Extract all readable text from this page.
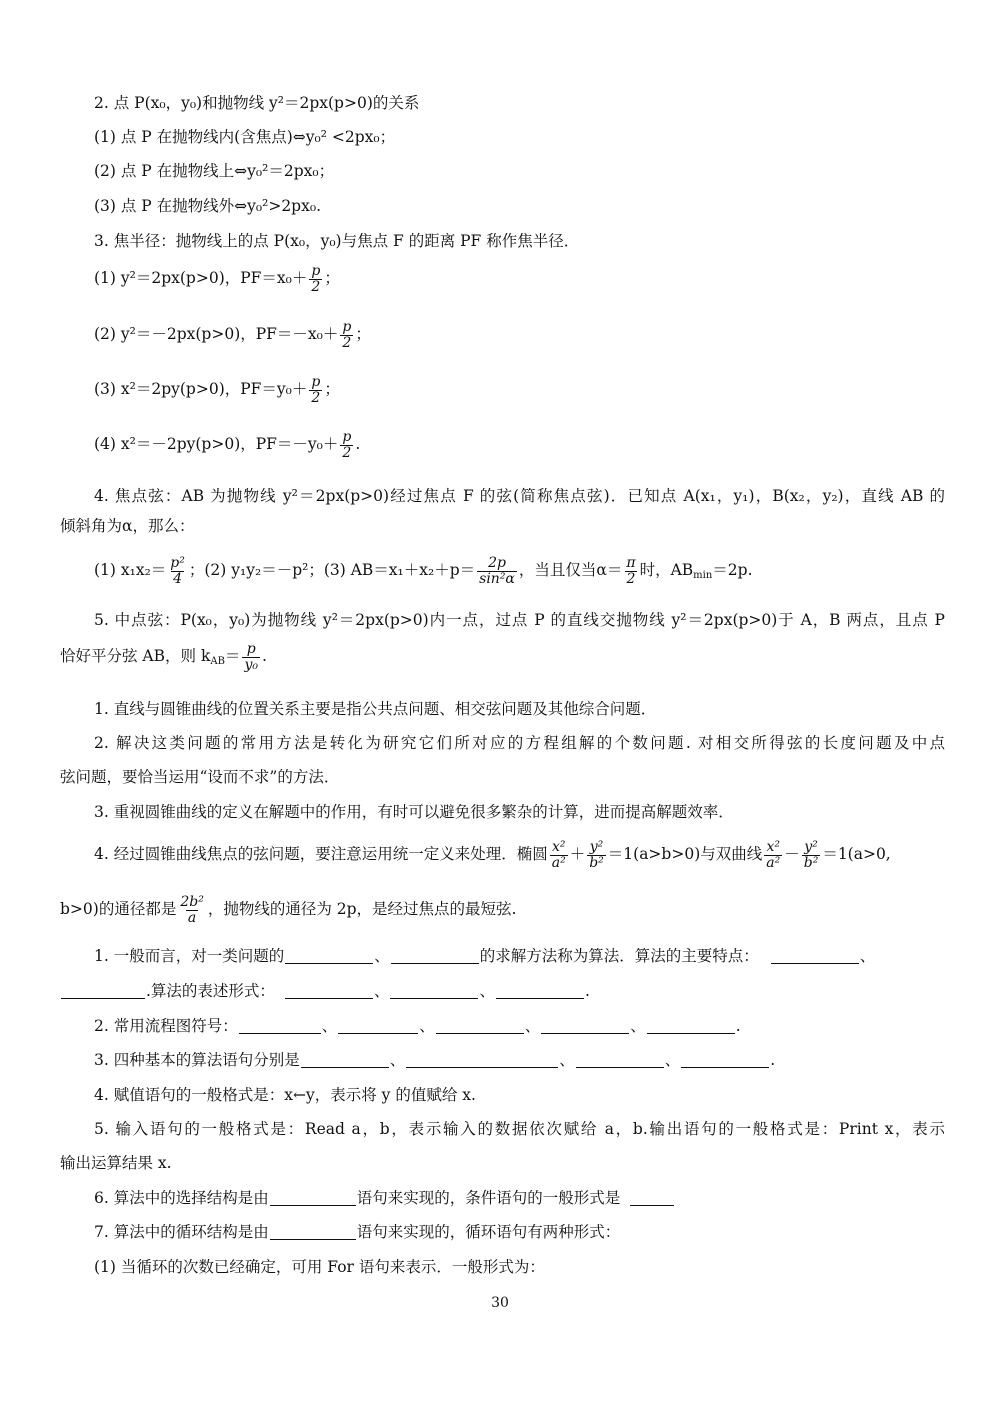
2. 点 P(x₀，y₀)和抛物线 y²＝2px(p>0)的关系
(1) 点 P 在抛物线内(含焦点)⇔y₀² <2px₀；
(2) 点 P 在抛物线上⇔y₀²＝2px₀；
(3) 点 P 在抛物线外⇔y₀²>2px₀.
3. 焦半径：抛物线上的点 P(x₀，y₀)与焦点 F 的距离 PF 称作焦半径．
(1) y²＝2px(p>0)，$PF=x_0+ \frac{p}{2}$ ；
(2) y²＝－2px(p>0)，$PF=-x_0+ \frac{p}{2}$ ；
(3) x²＝2py(p>0)，$PF=y_0+ \frac{p}{2}$ ；
(4) x²＝－2py(p>0)，$PF=-y_0+ \frac{p}{2}$ .
4. 焦点弦：AB 为抛物线 y²＝2px(p>0)经过焦点 F 的弦(简称焦点弦)．已知点 A(x₁，y₁)，B(x₂，y₂)，直线 AB 的
倾斜角为α，那么：
(1) $x_1x_2= \frac{\text{p²}}{4}$ ；(2) y₁y₂＝－p²；(3) $AB=x_1+x_2+p= \frac{2p}{\text{sin²α}}$ ，当且仅当$\alpha= \frac{\pi}{2}$ 时，$AB_{min}=2p$.
5. 中点弦：P(x₀，y₀)为抛物线 y²＝2px(p>0)内一点，过点 P 的直线交抛物线 y²＝2px(p>0)于 A，B 两点，且点 P
恰好平分弦 AB，则 $k_{AB}= \frac{p}{\text{y₀}}$ .
1. 直线与圆锥曲线的位置关系主要是指公共点问题、相交弦问题及其他综合问题．
2. 解决这类问题的常用方法是转化为研究它们所对应的方程组解的个数问题. 对相交所得弦的长度问题及中点
弦问题，要恰当运用“设而不求”的方法．
3. 重视圆锥曲线的定义在解题中的作用，有时可以避免很多繁杂的计算，进而提高解题效率．
4. 经过圆锥曲线焦点的弦问题，要注意运用统一定义来处理．椭圆 $\frac{\text{x²}}{\text{a²}} + \frac{\text{y²}}{\text{b²}} =1(a>b>0)$与双曲线 $\frac{\text{x²}}{\text{a²}} - \frac{\text{y²}}{\text{b²}} =1(a>0$,
b>0)的通径都是 $\frac{\text{2b²}}{a}$ ，抛物线的通径为 2p，是经过焦点的最短弦.
1. 一般而言，对一类问题的	、	的求解方法称为算法．算法的主要特点：	、
.算法的表述形式：	、	、	.
2. 常用流程图符号：	、	、	、	、	.
3. 四种基本的算法语句分别是	、	、	、	.
4. 赋值语句的一般格式是：x←y，表示将 y 的值赋给 x.
5. 输入语句的一般格式是：Read a，b，表示输入的数据依次赋给 a，b.输出语句的一般格式是：Print x，表示
输出运算结果 x.
6. 算法中的选择结构是由	语句来实现的，条件语句的一般形式是
7. 算法中的循环结构是由	语句来实现的，循环语句有两种形式：
(1) 当循环的次数已经确定，可用 For 语句来表示．一般形式为：
30
